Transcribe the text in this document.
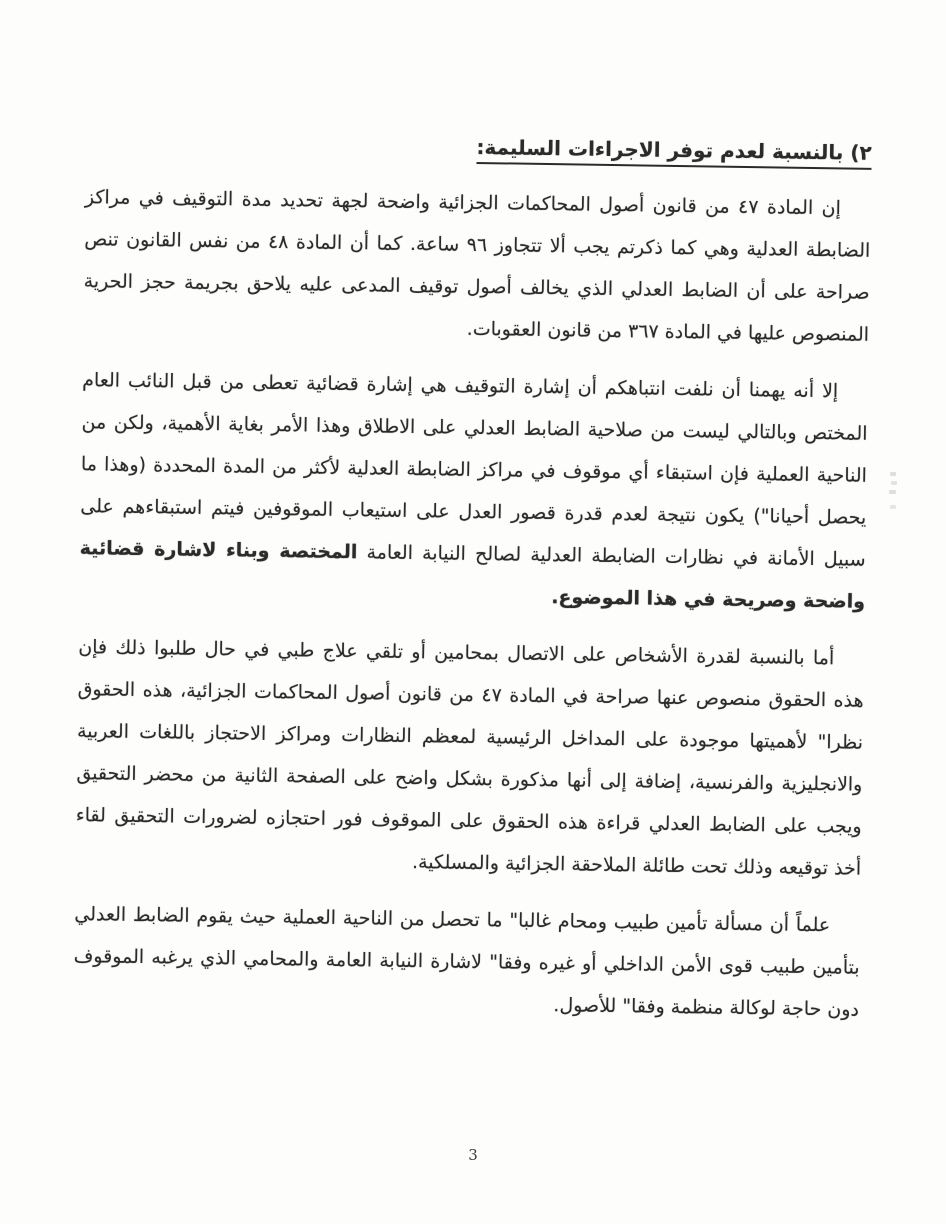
٢) بالنسبة لعدم توفر الاجراءات السليمة:

إن المادة ٤٧ من قانون أصول المحاكمات الجزائية واضحة لجهة تحديد مدة التوقيف في مراكز الضابطة العدلية وهي كما ذكرتم يجب ألا تتجاوز ٩٦ ساعة. كما أن المادة ٤٨ من نفس القانون تنص صراحة على أن الضابط العدلي الذي يخالف أصول توقيف المدعى عليه يلاحق بجريمة حجز الحرية المنصوص عليها في المادة ٣٦٧ من قانون العقوبات.

إلا أنه يهمنا أن نلفت انتباهكم أن إشارة التوقيف هي إشارة قضائية تعطى من قبل النائب العام المختص وبالتالي ليست من صلاحية الضابط العدلي على الاطلاق وهذا الأمر بغاية الأهمية، ولكن من الناحية العملية فإن استبقاء أي موقوف في مراكز الضابطة العدلية لأكثر من المدة المحددة (وهذا ما يحصل أحيانا") يكون نتيجة لعدم قدرة قصور العدل على استيعاب الموقوفين فيتم استبقاءهم على سبيل الأمانة في نظارات الضابطة العدلية لصالح النيابة العامة المختصة وبناء لاشارة قضائية واضحة وصريحة في هذا الموضوع.

أما بالنسبة لقدرة الأشخاص على الاتصال بمحامين أو تلقي علاج طبي في حال طلبوا ذلك فإن هذه الحقوق منصوص عنها صراحة في المادة ٤٧ من قانون أصول المحاكمات الجزائية، هذه الحقوق نظرا" لأهميتها موجودة على المداخل الرئيسية لمعظم النظارات ومراكز الاحتجاز باللغات العربية والانجليزية والفرنسية، إضافة إلى أنها مذكورة بشكل واضح على الصفحة الثانية من محضر التحقيق ويجب على الضابط العدلي قراءة هذه الحقوق على الموقوف فور احتجازه لضرورات التحقيق لقاء أخذ توقيعه وذلك تحت طائلة الملاحقة الجزائية والمسلكية.

علماً أن مسألة تأمين طبيب ومحام غالبا" ما تحصل من الناحية العملية حيث يقوم الضابط العدلي بتأمين طبيب قوى الأمن الداخلي أو غيره وفقا" لاشارة النيابة العامة والمحامي الذي يرغبه الموقوف دون حاجة لوكالة منظمة وفقا" للأصول.

3
